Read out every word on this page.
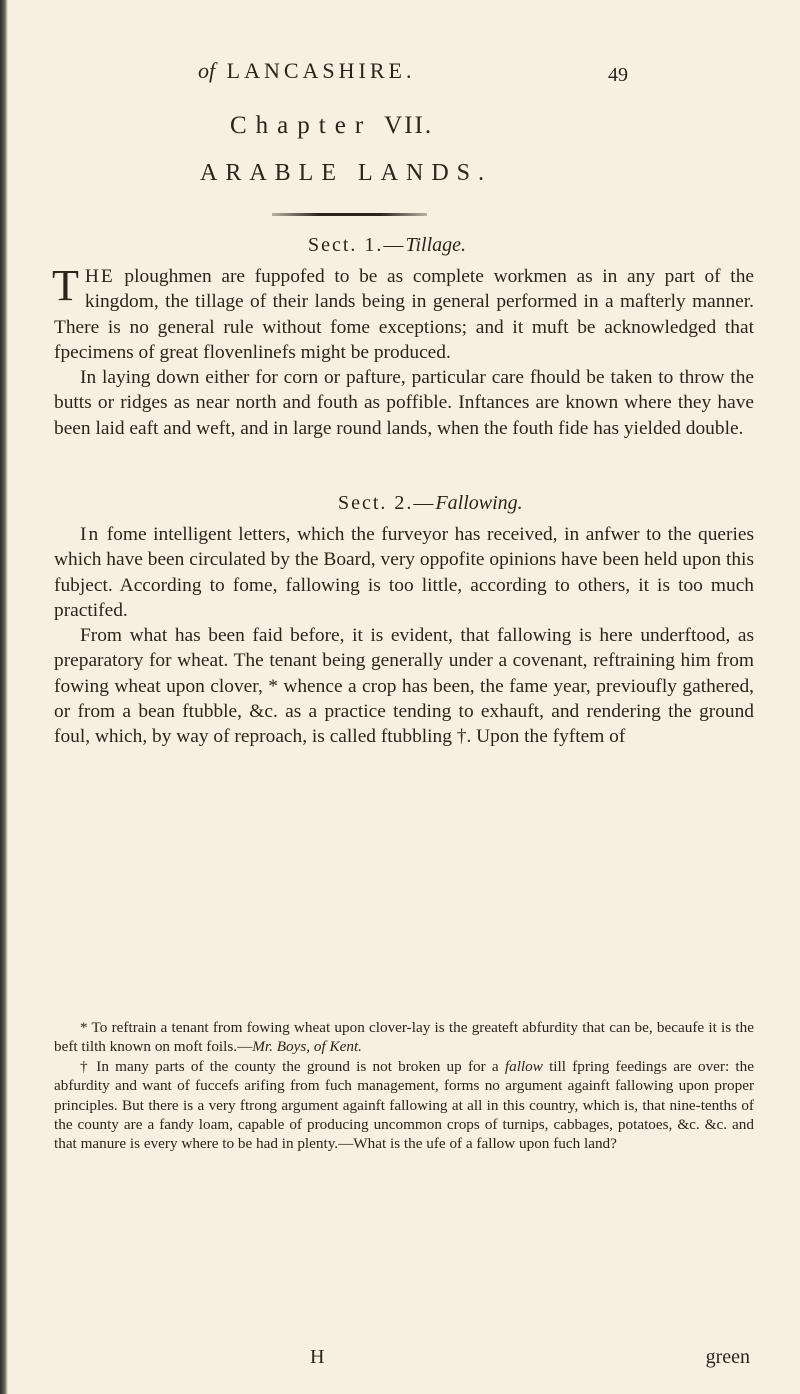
of LANCASHIRE.	49
Chapter VII.
ARABLE LANDS.
Sect. 1.—Tillage.

THE ploughmen are fuppofed to be as complete workmen as in any part of the kingdom, the tillage of their lands being in general performed in a mafterly manner. There is no general rule without fome exceptions; and it muft be acknowledged that fpecimens of great flovenlinefs might be produced.

In laying down either for corn or pafture, particular care fhould be taken to throw the butts or ridges as near north and fouth as poffible. Inftances are known where they have been laid eaft and weft, and in large round lands, when the fouth fide has yielded double.

Sect. 2.—Fallowing.

In fome intelligent letters, which the furveyor has received, in anfwer to the queries which have been circulated by the Board, very oppofite opinions have been held upon this fubject. According to fome, fallowing is too little, according to others, it is too much practifed.

From what has been faid before, it is evident, that fallowing is here underftood, as preparatory for wheat. The tenant being generally under a covenant, reftraining him from fowing wheat upon clover, * whence a crop has been, the fame year, previoufly gathered, or from a bean ftubble, &c. as a practice tending to exhauft, and rendering the ground foul, which, by way of reproach, is called ftubbling †. Upon the fyftem of

* To reftrain a tenant from fowing wheat upon clover-lay is the greateft abfurdity that can be, becaufe it is the beft tilth known on moft foils.—Mr. Boys, of Kent.

† In many parts of the county the ground is not broken up for a fallow till fpring feedings are over: the abfurdity and want of fuccefs arifing from fuch management, forms no argument againft fallowing upon proper principles. But there is a very ftrong argument againft fallowing at all in this country, which is, that nine-tenths of the county are a fandy loam, capable of producing uncommon crops of turnips, cabbages, potatoes, &c. &c. and that manure is every where to be had in plenty.—What is the ufe of a fallow upon fuch land?

H	green
